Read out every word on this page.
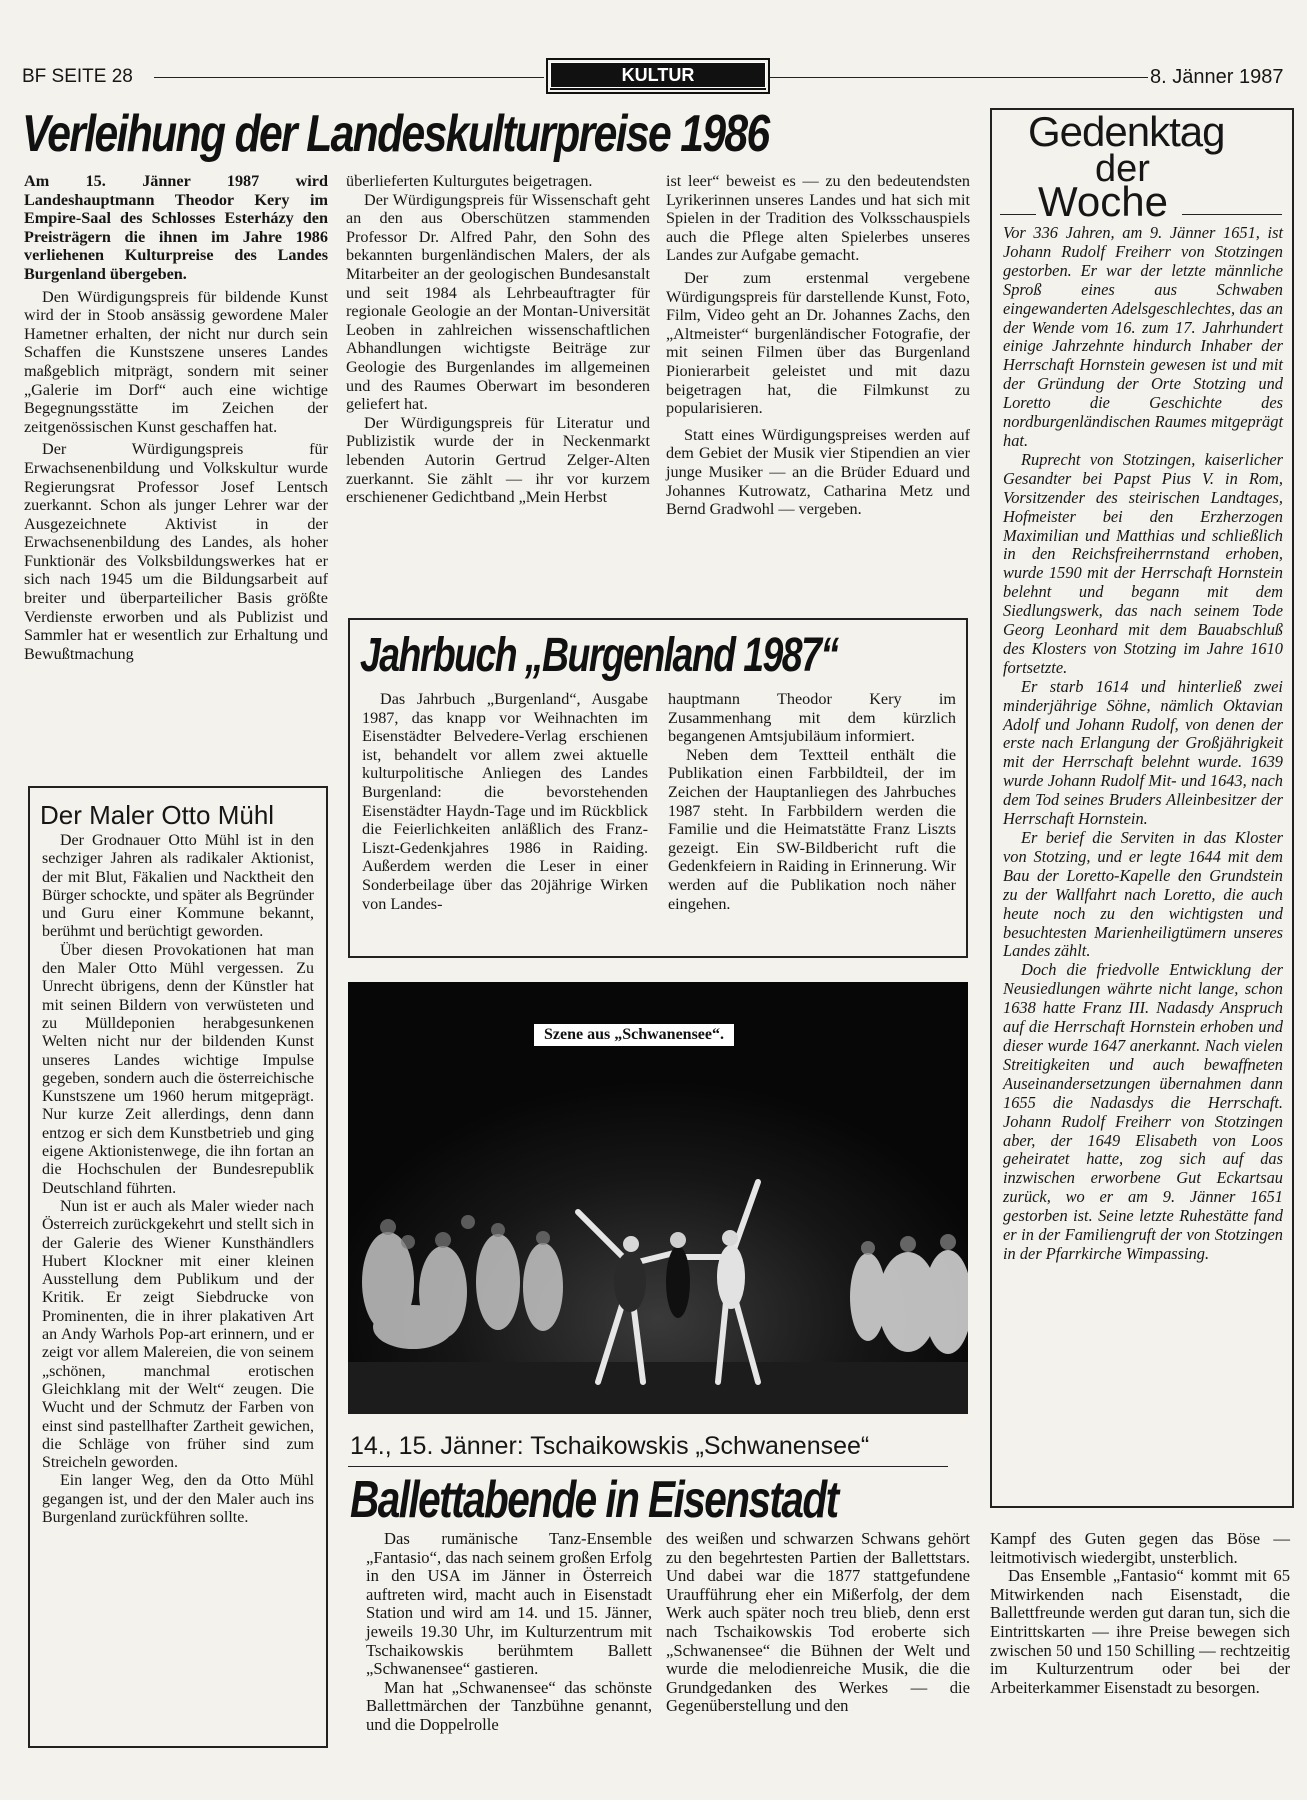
BF SEITE 28	KULTUR	8. Jänner 1987
Verleihung der Landeskulturpreise 1986

Am 15. Jänner 1987 wird Landeshauptmann Theodor Kery im Empire-Saal des Schlosses Esterházy den Preisträgern die ihnen im Jahre 1986 verliehenen Kulturpreise des Landes Burgenland übergeben.

Den Würdigungspreis für bildende Kunst wird der in Stoob ansässig gewordene Maler Hametner erhalten, der nicht nur durch sein Schaffen die Kunstszene unseres Landes maßgeblich mitprägt, sondern mit seiner „Galerie im Dorf“ auch eine wichtige Begegnungsstätte im Zeichen der zeitgenössischen Kunst geschaffen hat.

Der Würdigungspreis für Erwachsenenbildung und Volkskultur wurde Regierungsrat Professor Josef Lentsch zuerkannt. Schon als junger Lehrer war der Ausgezeichnete Aktivist in der Erwachsenenbildung des Landes, als hoher Funktionär des Volksbildungswerkes hat er sich nach 1945 um die Bildungsarbeit auf breiter und überparteilicher Basis größte Verdienste erworben und als Publizist und Sammler hat er wesentlich zur Erhaltung und Bewußtmachung

überlieferten Kulturgutes beigetragen.

Der Würdigungspreis für Wissenschaft geht an den aus Oberschützen stammenden Professor Dr. Alfred Pahr, den Sohn des bekannten burgenländischen Malers, der als Mitarbeiter an der geologischen Bundesanstalt und seit 1984 als Lehrbeauftragter für regionale Geologie an der Montan-Universität Leoben in zahlreichen wissenschaftlichen Abhandlungen wichtigste Beiträge zur Geologie des Burgenlandes im allgemeinen und des Raumes Oberwart im besonderen geliefert hat.

Der Würdigungspreis für Literatur und Publizistik wurde der in Neckenmarkt lebenden Autorin Gertrud Zelger-Alten zuerkannt. Sie zählt — ihr vor kurzem erschienener Gedichtband „Mein Herbst

ist leer“ beweist es — zu den bedeutendsten Lyrikerinnen unseres Landes und hat sich mit Spielen in der Tradition des Volksschauspiels auch die Pflege alten Spielerbes unseres Landes zur Aufgabe gemacht.

Der zum erstenmal vergebene Würdigungspreis für darstellende Kunst, Foto, Film, Video geht an Dr. Johannes Zachs, den „Altmeister“ burgenländischer Fotografie, der mit seinen Filmen über das Burgenland Pionierarbeit geleistet und mit dazu beigetragen hat, die Filmkunst zu popularisieren.

Statt eines Würdigungspreises werden auf dem Gebiet der Musik vier Stipendien an vier junge Musiker — an die Brüder Eduard und Johannes Kutrowatz, Catharina Metz und Bernd Gradwohl — vergeben.

Gedenktag
der
Woche

Vor 336 Jahren, am 9. Jänner 1651, ist Johann Rudolf Freiherr von Stotzingen gestorben. Er war der letzte männliche Sproß eines aus Schwaben eingewanderten Adelsgeschlechtes, das an der Wende vom 16. zum 17. Jahrhundert einige Jahrzehnte hindurch Inhaber der Herrschaft Hornstein gewesen ist und mit der Gründung der Orte Stotzing und Loretto die Geschichte des nordburgenländischen Raumes mitgeprägt hat.

Ruprecht von Stotzingen, kaiserlicher Gesandter bei Papst Pius V. in Rom, Vorsitzender des steirischen Landtages, Hofmeister bei den Erzherzogen Maximilian und Matthias und schließlich in den Reichsfreiherrnstand erhoben, wurde 1590 mit der Herrschaft Hornstein belehnt und begann mit dem Siedlungswerk, das nach seinem Tode Georg Leonhard mit dem Bauabschluß des Klosters von Stotzing im Jahre 1610 fortsetzte.

Er starb 1614 und hinterließ zwei minderjährige Söhne, nämlich Oktavian Adolf und Johann Rudolf, von denen der erste nach Erlangung der Großjährigkeit mit der Herrschaft belehnt wurde. 1639 wurde Johann Rudolf Mit- und 1643, nach dem Tod seines Bruders Alleinbesitzer der Herrschaft Hornstein.

Er berief die Serviten in das Kloster von Stotzing, und er legte 1644 mit dem Bau der Loretto-Kapelle den Grundstein zu der Wallfahrt nach Loretto, die auch heute noch zu den wichtigsten und besuchtesten Marienheiligtümern unseres Landes zählt.

Doch die friedvolle Entwicklung der Neusiedlungen währte nicht lange, schon 1638 hatte Franz III. Nadasdy Anspruch auf die Herrschaft Hornstein erhoben und dieser wurde 1647 anerkannt. Nach vielen Streitigkeiten und auch bewaffneten Auseinandersetzungen übernahmen dann 1655 die Nadasdys die Herrschaft. Johann Rudolf Freiherr von Stotzingen aber, der 1649 Elisabeth von Loos geheiratet hatte, zog sich auf das inzwischen erworbene Gut Eckartsau zurück, wo er am 9. Jänner 1651 gestorben ist. Seine letzte Ruhestätte fand er in der Familiengruft der von Stotzingen in der Pfarrkirche Wimpassing.

Der Maler Otto Mühl

Der Grodnauer Otto Mühl ist in den sechziger Jahren als radikaler Aktionist, der mit Blut, Fäkalien und Nacktheit den Bürger schockte, und später als Begründer und Guru einer Kommune bekannt, berühmt und berüchtigt geworden.

Über diesen Provokationen hat man den Maler Otto Mühl vergessen. Zu Unrecht übrigens, denn der Künstler hat mit seinen Bildern von verwüsteten und zu Mülldeponien herabgesunkenen Welten nicht nur der bildenden Kunst unseres Landes wichtige Impulse gegeben, sondern auch die österreichische Kunstszene um 1960 herum mitgeprägt. Nur kurze Zeit allerdings, denn dann entzog er sich dem Kunstbetrieb und ging eigene Aktionistenwege, die ihn fortan an die Hochschulen der Bundesrepublik Deutschland führten.

Nun ist er auch als Maler wieder nach Österreich zurückgekehrt und stellt sich in der Galerie des Wiener Kunsthändlers Hubert Klockner mit einer kleinen Ausstellung dem Publikum und der Kritik. Er zeigt Siebdrucke von Prominenten, die in ihrer plakativen Art an Andy Warhols Pop-art erinnern, und er zeigt vor allem Malereien, die von seinem „schönen, manchmal erotischen Gleichklang mit der Welt“ zeugen. Die Wucht und der Schmutz der Farben von einst sind pastellhafter Zartheit gewichen, die Schläge von früher sind zum Streicheln geworden.

Ein langer Weg, den da Otto Mühl gegangen ist, und der den Maler auch ins Burgenland zurückführen sollte.

Jahrbuch „Burgenland 1987“

Das Jahrbuch „Burgenland“, Ausgabe 1987, das knapp vor Weihnachten im Eisenstädter Belvedere-Verlag erschienen ist, behandelt vor allem zwei aktuelle kulturpolitische Anliegen des Landes Burgenland: die bevorstehenden Eisenstädter Haydn-Tage und im Rückblick die Feierlichkeiten anläßlich des Franz-Liszt-Gedenkjahres 1986 in Raiding. Außerdem werden die Leser in einer Sonderbeilage über das 20jährige Wirken von Landes-

hauptmann Theodor Kery im Zusammenhang mit dem kürzlich begangenen Amtsjubiläum informiert.

Neben dem Textteil enthält die Publikation einen Farbbildteil, der im Zeichen der Hauptanliegen des Jahrbuches 1987 steht. In Farbbildern werden die Familie und die Heimatstätte Franz Liszts gezeigt. Ein SW-Bildbericht ruft die Gedenkfeiern in Raiding in Erinnerung. Wir werden auf die Publikation noch näher eingehen.

Szene aus „Schwanensee“.
14., 15. Jänner: Tschaikowskis „Schwanensee“
Ballettabende in Eisenstadt

Das rumänische Tanz-Ensemble „Fantasio“, das nach seinem großen Erfolg in den USA im Jänner in Österreich auftreten wird, macht auch in Eisenstadt Station und wird am 14. und 15. Jänner, jeweils 19.30 Uhr, im Kulturzentrum mit Tschaikowskis berühmtem Ballett „Schwanensee“ gastieren.

Man hat „Schwanensee“ das schönste Ballettmärchen der Tanzbühne genannt, und die Doppelrolle

des weißen und schwarzen Schwans gehört zu den begehrtesten Partien der Ballettstars. Und dabei war die 1877 stattgefundene Uraufführung eher ein Mißerfolg, der dem Werk auch später noch treu blieb, denn erst nach Tschaikowskis Tod eroberte sich „Schwanensee“ die Bühnen der Welt und wurde die melodienreiche Musik, die die Grundgedanken des Werkes — die Gegenüberstellung und den

Kampf des Guten gegen das Böse — leitmotivisch wiedergibt, unsterblich.

Das Ensemble „Fantasio“ kommt mit 65 Mitwirkenden nach Eisenstadt, die Ballettfreunde werden gut daran tun, sich die Eintrittskarten — ihre Preise bewegen sich zwischen 50 und 150 Schilling — rechtzeitig im Kulturzentrum oder bei der Arbeiterkammer Eisenstadt zu besorgen.
